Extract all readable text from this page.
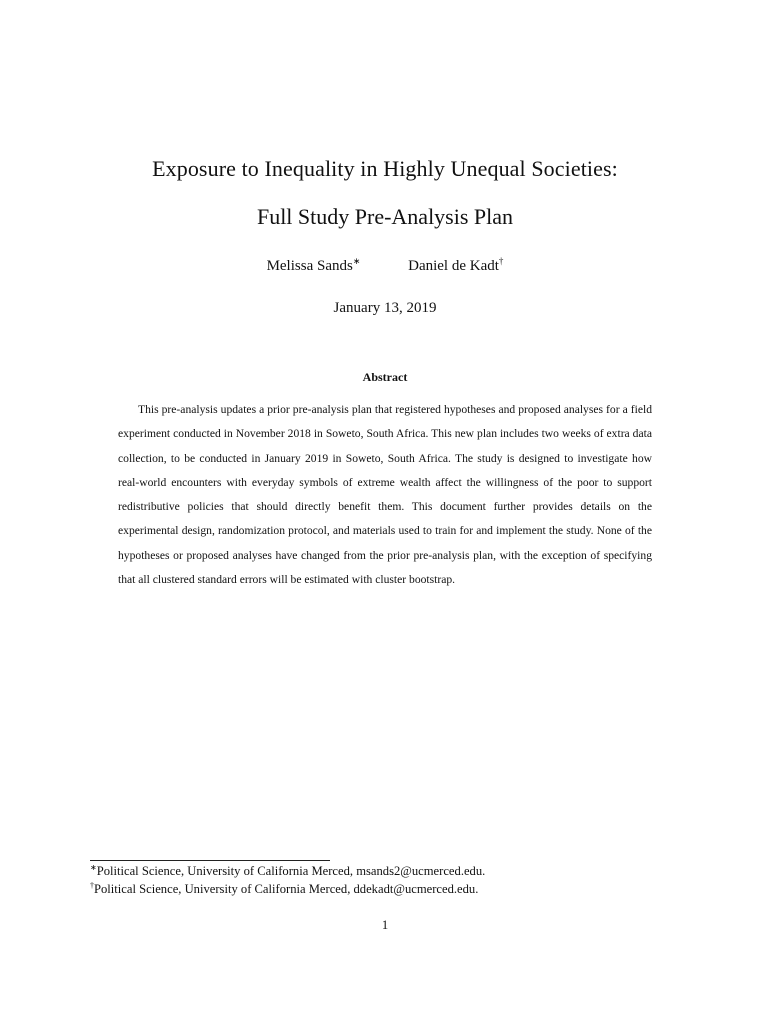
Exposure to Inequality in Highly Unequal Societies:
Full Study Pre-Analysis Plan
Melissa Sands∗	Daniel de Kadt†
January 13, 2019
Abstract

This pre-analysis updates a prior pre-analysis plan that registered hypotheses and proposed analyses for a field experiment conducted in November 2018 in Soweto, South Africa. This new plan includes two weeks of extra data collection, to be conducted in January 2019 in Soweto, South Africa. The study is designed to investigate how real-world encounters with everyday symbols of extreme wealth affect the willingness of the poor to support redistributive policies that should directly benefit them. This document further provides details on the experimental design, randomization protocol, and materials used to train for and implement the study. None of the hypotheses or proposed analyses have changed from the prior pre-analysis plan, with the exception of specifying that all clustered standard errors will be estimated with cluster bootstrap.

∗Political Science, University of California Merced, msands2@ucmerced.edu.
†Political Science, University of California Merced, ddekadt@ucmerced.edu.
1
